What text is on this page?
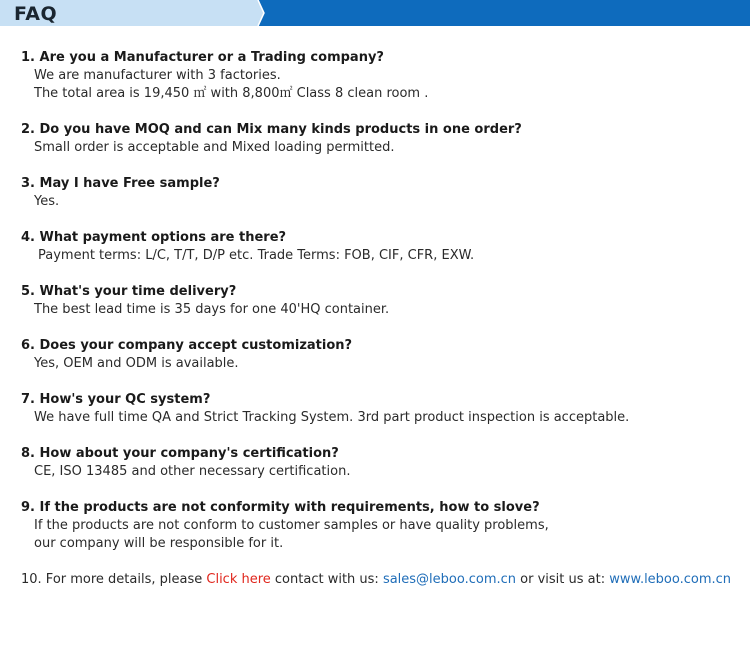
FAQ
1. Are you a Manufacturer or a Trading company?
We are manufacturer with 3 factories.
The total area is 19,450 ㎡ with 8,800㎡ Class 8 clean room .
2. Do you have MOQ and can Mix many kinds products in one order?
Small order is acceptable and Mixed loading permitted.
3. May I have Free sample?
Yes.
4. What payment options are there?
Payment terms: L/C, T/T, D/P etc. Trade Terms: FOB, CIF, CFR, EXW.
5. What's your time delivery?
The best lead time is 35 days for one 40'HQ container.
6. Does your company accept customization?
Yes, OEM and ODM is available.
7. How's your QC system?
We have full time QA and Strict Tracking System. 3rd part product inspection is acceptable.
8. How about your company's certification?
CE, ISO 13485 and other necessary certification.
9. If the products are not conformity with requirements, how to slove?
If the products are not conform to customer samples or have quality problems,
our company will be responsible for it.
10. For more details, please Click here contact with us: sales@leboo.com.cn or visit us at: www.leboo.com.cn
